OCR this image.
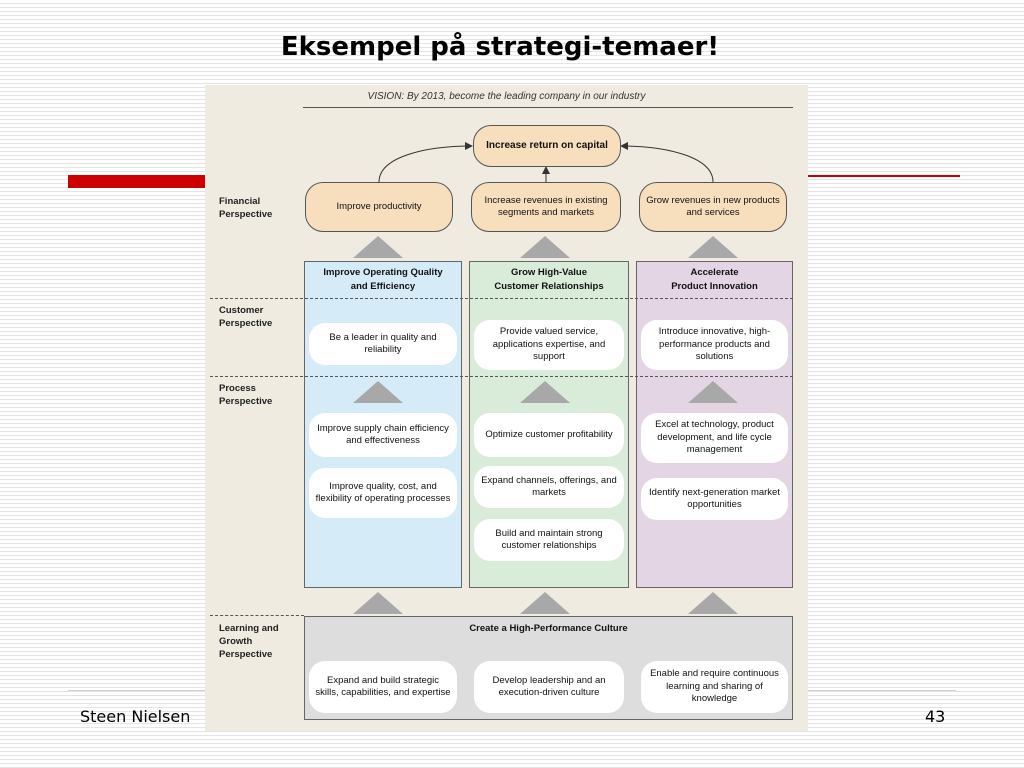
Eksempel på strategi-temaer!
Steen Nielsen	43
VISION: By 2013, become the leading company in our industry
Financial Perspective
Customer Perspective
Process Perspective
Learning and Growth Perspective
Increase return on capital
Improve productivity
Increase revenues in existing segments and markets
Grow revenues in new products and services
Improve Operating Quality
and Efficiency
Grow High-Value
Customer Relationships
Accelerate
Product Innovation
Be a leader in quality and reliability
Provide valued service, applications expertise, and support
Introduce innovative, high-performance products and solutions
Improve supply chain efficiency and effectiveness
Improve quality, cost, and flexibility of operating processes
Optimize customer profitability
Expand channels, offerings, and markets
Build and maintain strong customer relationships
Excel at technology, product development, and life cycle management
Identify next-generation market opportunities
Create a High-Performance Culture
Expand and build strategic skills, capabilities, and expertise
Develop leadership and an execution-driven culture
Enable and require continuous learning and sharing of knowledge
